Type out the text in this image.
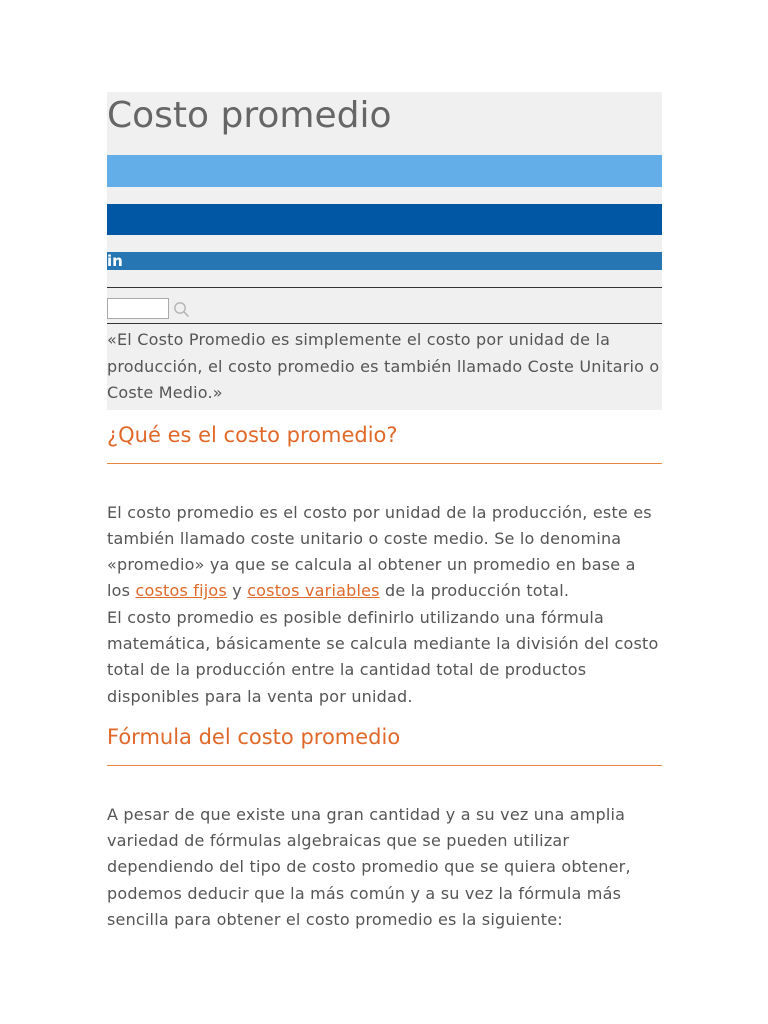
Costo promedio
in

«El Costo Promedio es simplemente el costo por unidad de la producción, el costo promedio es también llamado Coste Unitario o Coste Medio.»

¿Qué es el costo promedio?

El costo promedio es el costo por unidad de la producción, este es también llamado coste unitario o coste medio. Se lo denomina «promedio» ya que se calcula al obtener un promedio en base a los costos fijos y costos variables de la producción total.

El costo promedio es posible definirlo utilizando una fórmula matemática, básicamente se calcula mediante la división del costo total de la producción entre la cantidad total de productos disponibles para la venta por unidad.

Fórmula del costo promedio

A pesar de que existe una gran cantidad y a su vez una amplia variedad de fórmulas algebraicas que se pueden utilizar dependiendo del tipo de costo promedio que se quiera obtener, podemos deducir que la más común y a su vez la fórmula más sencilla para obtener el costo promedio es la siguiente:
